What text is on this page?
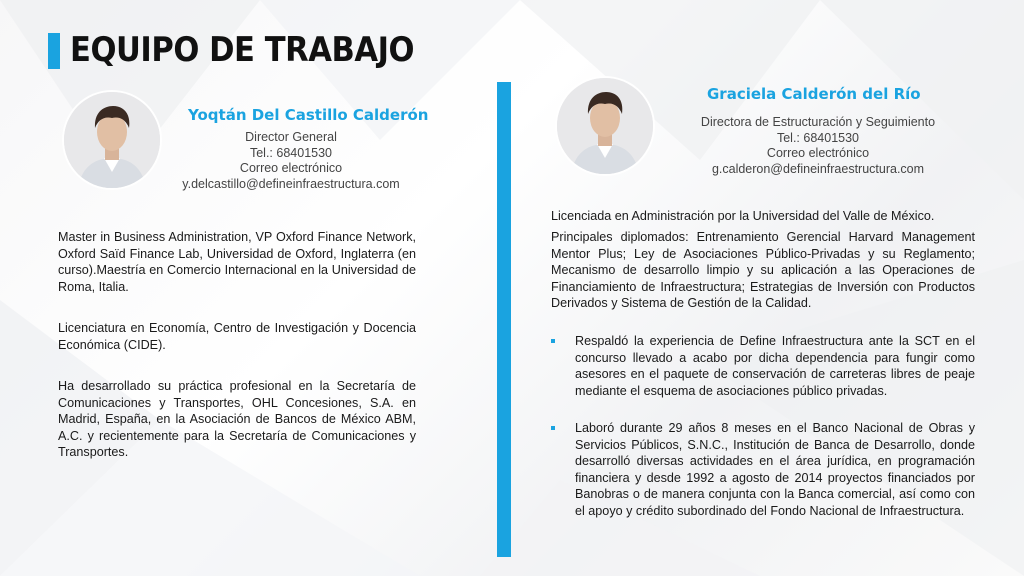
EQUIPO DE TRABAJO
Yoqtán Del Castillo Calderón
Director General
Tel.: 68401530
Correo electrónico
y.delcastillo@defineinfraestructura.com

Master in Business Administration, VP Oxford Finance Network, Oxford Saïd Finance Lab, Universidad de Oxford, Inglaterra (en curso).Maestría en Comercio Internacional en la Universidad de Roma, Italia.

Licenciatura en Economía, Centro de Investigación y Docencia Económica (CIDE).

Ha desarrollado su práctica profesional en la Secretaría de Comunicaciones y Transportes, OHL Concesiones, S.A. en Madrid, España, en la Asociación de Bancos de México ABM, A.C. y recientemente para la Secretaría de Comunicaciones y Transportes.

Graciela Calderón del Río
Directora de Estructuración y Seguimiento
Tel.: 68401530
Correo electrónico
g.calderon@defineinfraestructura.com

Licenciada en Administración por la Universidad del Valle de México.

Principales diplomados: Entrenamiento Gerencial Harvard Management Mentor Plus; Ley de Asociaciones Público-Privadas y su Reglamento; Mecanismo de desarrollo limpio y su aplicación a las Operaciones de Financiamiento de Infraestructura; Estrategias de Inversión con Productos Derivados y Sistema de Gestión de la Calidad.

Respaldó la experiencia de Define Infraestructura ante la SCT en el concurso llevado a acabo por dicha dependencia para fungir como asesores en el paquete de conservación de carreteras libres de peaje mediante el esquema de asociaciones público privadas.
Laboró durante 29 años 8 meses en el Banco Nacional de Obras y Servicios Públicos, S.N.C., Institución de Banca de Desarrollo, donde desarrolló diversas actividades en el área jurídica, en programación financiera y desde 1992 a agosto de 2014 proyectos financiados por Banobras o de manera conjunta con la Banca comercial, así como con el apoyo y crédito subordinado del Fondo Nacional de Infraestructura.
